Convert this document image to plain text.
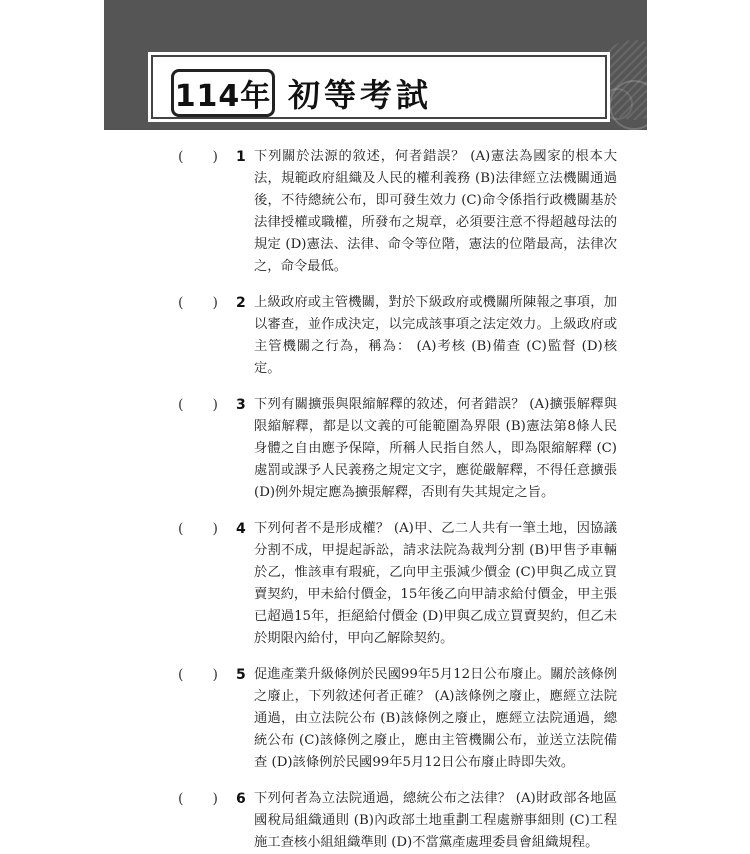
114年 初等考試
( ) 1 下列關於法源的敘述，何者錯誤？ (A)憲法為國家的根本大法，規範政府組織及人民的權利義務 (B)法律經立法機關通過後，不待總統公布，即可發生效力 (C)命令係指行政機關基於法律授權或職權，所發布之規章，必須要注意不得超越母法的規定 (D)憲法、法律、命令等位階，憲法的位階最高，法律次之，命令最低。
( ) 2 上級政府或主管機關，對於下級政府或機關所陳報之事項，加以審查，並作成決定，以完成該事項之法定效力。上級政府或主管機關之行為，稱為： (A)考核 (B)備查 (C)監督 (D)核定。
( ) 3 下列有關擴張與限縮解釋的敘述，何者錯誤？ (A)擴張解釋與限縮解釋，都是以文義的可能範圍為界限 (B)憲法第8條人民身體之自由應予保障，所稱人民指自然人，即為限縮解釋 (C)處罰或課予人民義務之規定文字，應從嚴解釋，不得任意擴張 (D)例外規定應為擴張解釋，否則有失其規定之旨。
( ) 4 下列何者不是形成權？ (A)甲、乙二人共有一筆土地，因協議分割不成，甲提起訴訟，請求法院為裁判分割 (B)甲售予車輛於乙，惟該車有瑕疵，乙向甲主張減少價金 (C)甲與乙成立買賣契約，甲未給付價金，15年後乙向甲請求給付價金，甲主張已超過15年，拒絕給付價金 (D)甲與乙成立買賣契約，但乙未於期限內給付，甲向乙解除契約。
( ) 5 促進產業升級條例於民國99年5月12日公布廢止。關於該條例之廢止，下列敘述何者正確？ (A)該條例之廢止，應經立法院通過，由立法院公布 (B)該條例之廢止，應經立法院通過，總統公布 (C)該條例之廢止，應由主管機關公布，並送立法院備查 (D)該條例於民國99年5月12日公布廢止時即失效。
( ) 6 下列何者為立法院通過，總統公布之法律？ (A)財政部各地區國稅局組織通則 (B)內政部土地重劃工程處辦事細則 (C)工程施工查核小組組織準則 (D)不當黨產處理委員會組織規程。
